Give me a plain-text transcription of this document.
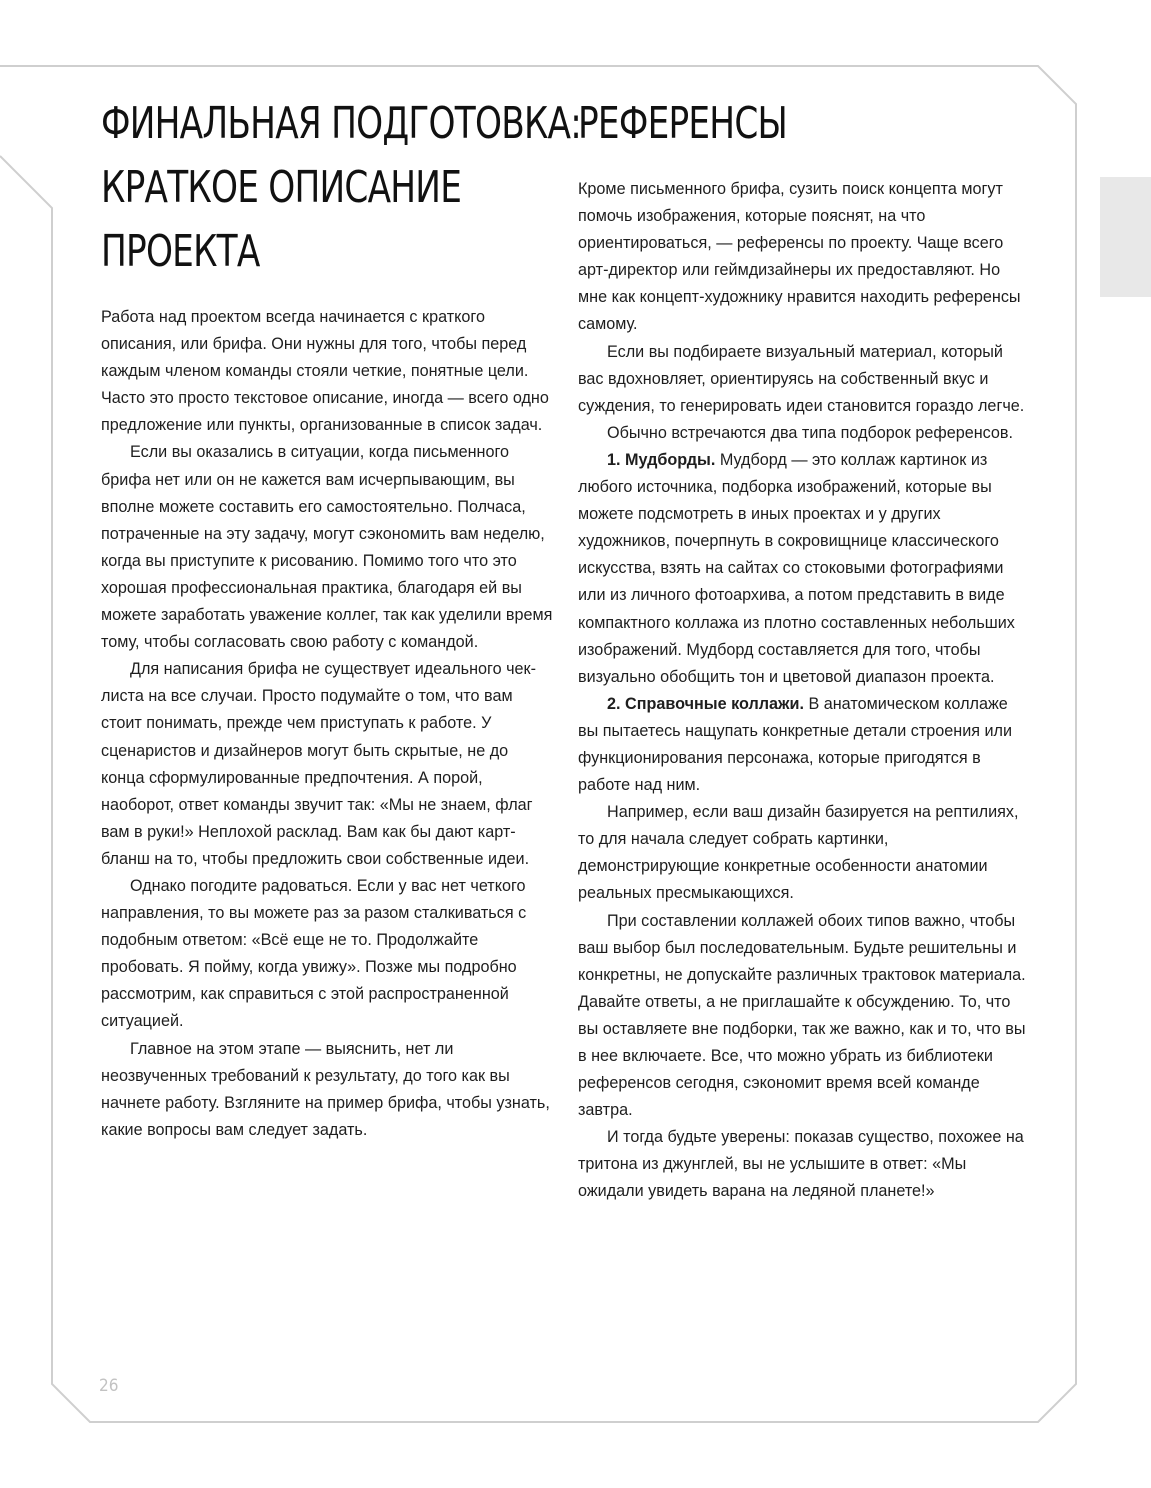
ФИНАЛЬНАЯ ПОДГОТОВКА:
КРАТКОЕ ОПИСАНИЕ
ПРОЕКТА

Работа над проектом всегда начинается с краткого описания, или брифа. Они нужны для того, чтобы перед каждым членом команды стояли четкие, понятные цели. Часто это просто текстовое описание, иногда — всего одно предложение или пункты, организованные в список задач.

Если вы оказались в ситуации, когда письменного брифа нет или он не кажется вам исчерпывающим, вы вполне можете составить его самостоятельно. Полчаса, потраченные на эту задачу, могут сэкономить вам неделю, когда вы приступите к рисованию. Помимо того что это хорошая профессиональная практика, благодаря ей вы можете заработать уважение коллег, так как уделили время тому, чтобы согласовать свою работу с командой.

Для написания брифа не существует идеального чек-листа на все случаи. Просто подумайте о том, что вам стоит понимать, прежде чем приступать к работе. У сценаристов и дизайнеров могут быть скрытые, не до конца сформулированные предпочтения. А порой, наоборот, ответ команды звучит так: «Мы не знаем, флаг вам в руки!» Неплохой расклад. Вам как бы дают карт-бланш на то, чтобы предложить свои собственные идеи.

Однако погодите радоваться. Если у вас нет четкого направления, то вы можете раз за разом сталкиваться с подобным ответом: «Всё еще не то. Продолжайте пробовать. Я пойму, когда увижу». Позже мы подробно рассмотрим, как справиться с этой распространенной ситуацией.

Главное на этом этапе — выяснить, нет ли неозвученных требований к результату, до того как вы начнете работу. Взгляните на пример брифа, чтобы узнать, какие вопросы вам следует задать.

РЕФЕРЕНСЫ

Кроме письменного брифа, сузить поиск концепта могут помочь изображения, которые пояснят, на что ориентироваться, — референсы по проекту. Чаще всего арт-директор или геймдизайнеры их предоставляют. Но мне как концепт-художнику нравится находить референсы самому.

Если вы подбираете визуальный материал, который вас вдохновляет, ориентируясь на собственный вкус и суждения, то генерировать идеи становится гораздо легче.

Обычно встречаются два типа подборок референсов.

1. Мудборды. Мудборд — это коллаж картинок из любого источника, подборка изображений, которые вы можете подсмотреть в иных проектах и у других художников, почерпнуть в сокровищнице классического искусства, взять на сайтах со стоковыми фотографиями или из личного фотоархива, а потом представить в виде компактного коллажа из плотно составленных небольших изображений. Мудборд составляется для того, чтобы визуально обобщить тон и цветовой диапазон проекта.

2. Справочные коллажи. В анатомическом коллаже вы пытаетесь нащупать конкретные детали строения или функционирования персонажа, которые пригодятся в работе над ним.

Например, если ваш дизайн базируется на рептилиях, то для начала следует собрать картинки, демонстрирующие конкретные особенности анатомии реальных пресмыкающихся.

При составлении коллажей обоих типов важно, чтобы ваш выбор был последовательным. Будьте решительны и конкретны, не допускайте различных трактовок материала. Давайте ответы, а не приглашайте к обсуждению. То, что вы оставляете вне подборки, так же важно, как и то, что вы в нее включаете. Все, что можно убрать из библиотеки референсов сегодня, сэкономит время всей команде завтра.

И тогда будьте уверены: показав существо, похожее на тритона из джунглей, вы не услышите в ответ: «Мы ожидали увидеть варана на ледяной планете!»

26
